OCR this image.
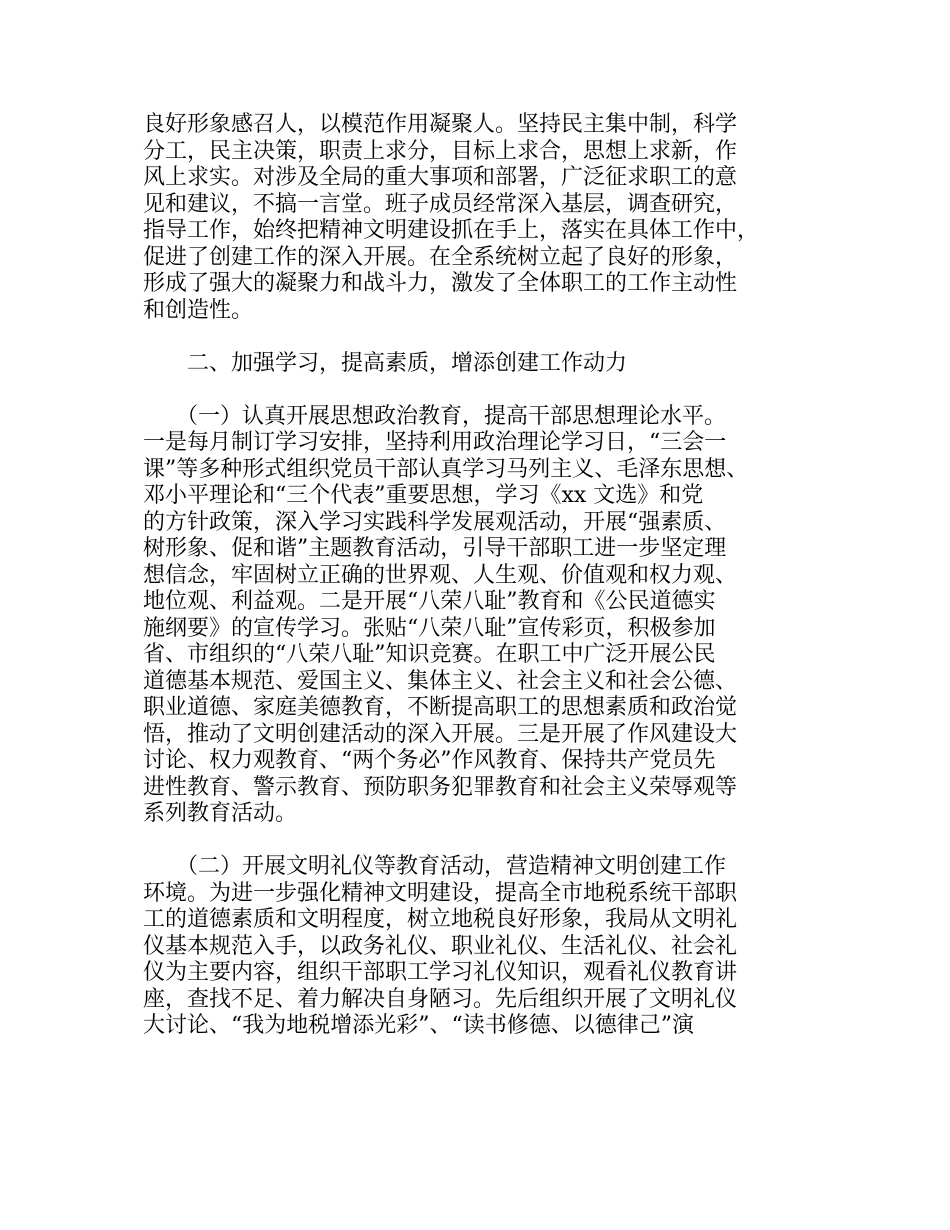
良好形象感召人，以模范作用凝聚人。坚持民主集中制，科学
分工，民主决策，职责上求分，目标上求合，思想上求新，作
风上求实。对涉及全局的重大事项和部署，广泛征求职工的意
见和建议，不搞一言堂。班子成员经常深入基层，调查研究，
指导工作，始终把精神文明建设抓在手上，落实在具体工作中，
促进了创建工作的深入开展。在全系统树立起了良好的形象，
形成了强大的凝聚力和战斗力，激发了全体职工的工作主动性
和创造性。
　　二、加强学习，提高素质，增添创建工作动力
　　（一）认真开展思想政治教育，提高干部思想理论水平。
一是每月制订学习安排，坚持利用政治理论学习日，“三会一
课”等多种形式组织党员干部认真学习马列主义、毛泽东思想、
邓小平理论和“三个代表”重要思想，学习《xx 文选》和党
的方针政策，深入学习实践科学发展观活动，开展“强素质、
树形象、促和谐”主题教育活动，引导干部职工进一步坚定理
想信念，牢固树立正确的世界观、人生观、价值观和权力观、
地位观、利益观。二是开展“八荣八耻”教育和《公民道德实
施纲要》的宣传学习。张贴“八荣八耻”宣传彩页，积极参加
省、市组织的“八荣八耻”知识竞赛。在职工中广泛开展公民
道德基本规范、爱国主义、集体主义、社会主义和社会公德、
职业道德、家庭美德教育，不断提高职工的思想素质和政治觉
悟，推动了文明创建活动的深入开展。三是开展了作风建设大
讨论、权力观教育、“两个务必”作风教育、保持共产党员先
进性教育、警示教育、预防职务犯罪教育和社会主义荣辱观等
系列教育活动。
　　（二）开展文明礼仪等教育活动，营造精神文明创建工作
环境。为进一步强化精神文明建设，提高全市地税系统干部职
工的道德素质和文明程度，树立地税良好形象，我局从文明礼
仪基本规范入手，以政务礼仪、职业礼仪、生活礼仪、社会礼
仪为主要内容，组织干部职工学习礼仪知识，观看礼仪教育讲
座，查找不足、着力解决自身陋习。先后组织开展了文明礼仪
大讨论、“我为地税增添光彩”、“读书修德、以德律己”演
